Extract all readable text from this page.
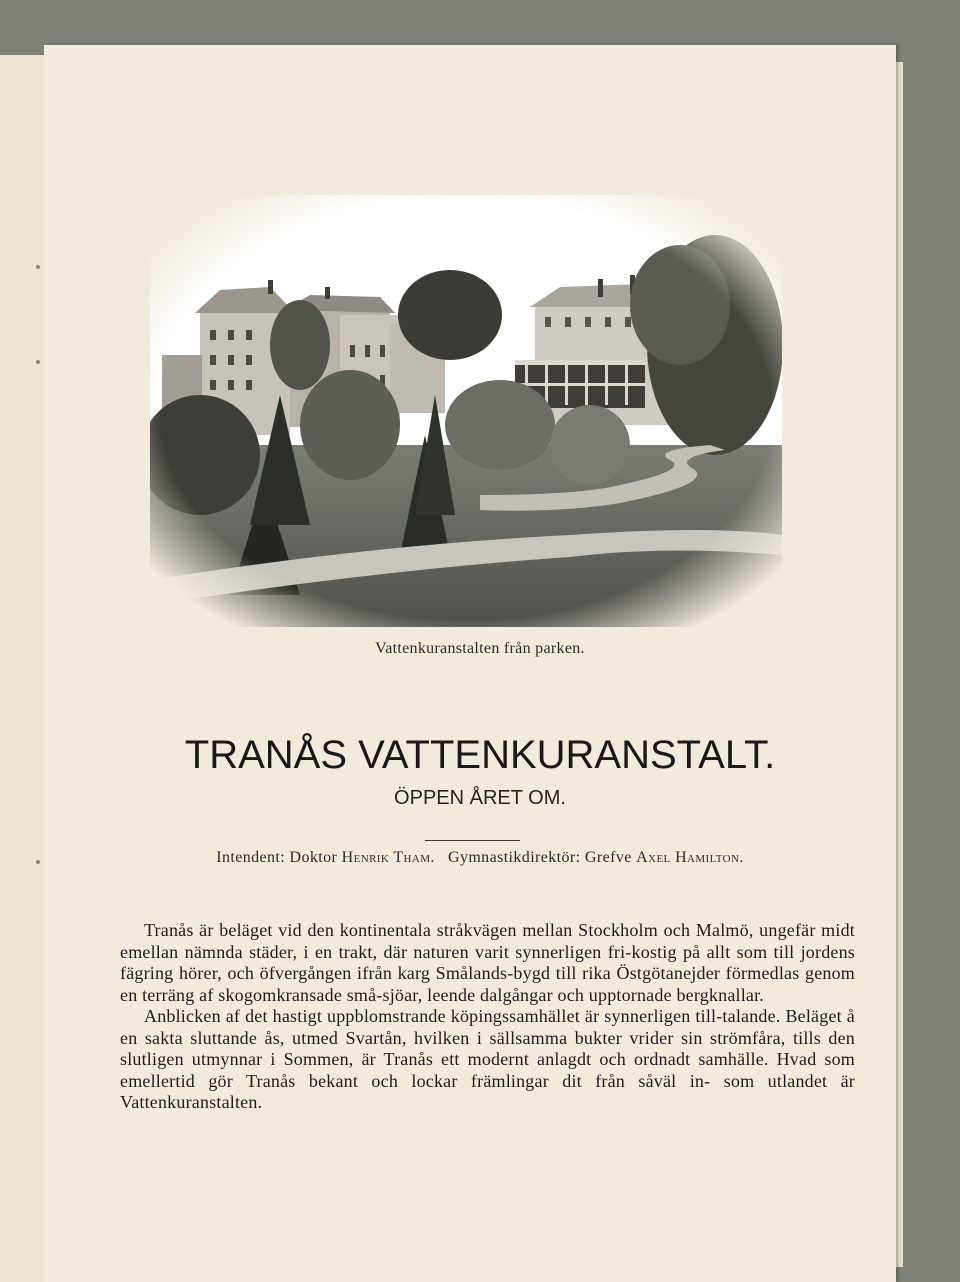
Vattenkuranstalten från parken.
TRANÅS VATTENKURANSTALT.
ÖPPEN ÅRET OM.
Intendent: Doktor Henrik Tham. Gymnastikdirektör: Grefve Axel Hamilton.

Tranås är beläget vid den kontinentala stråkvägen mellan Stockholm och Malmö, ungefär midt emellan nämnda städer, i en trakt, där naturen varit synnerligen fri-kostig på allt som till jordens fägring hörer, och öfvergången ifrån karg Smålands-bygd till rika Östgötanejder förmedlas genom en terräng af skogomkransade små-sjöar, leende dalgångar och upptornade bergknallar.

Anblicken af det hastigt uppblomstrande köpingssamhället är synnerligen till-talande. Beläget å en sakta sluttande ås, utmed Svartån, hvilken i sällsamma bukter vrider sin strömfåra, tills den slutligen utmynnar i Sommen, är Tranås ett modernt anlagdt och ordnadt samhälle. Hvad som emellertid gör Tranås bekant och lockar främlingar dit från såväl in- som utlandet är Vattenkuranstalten.
